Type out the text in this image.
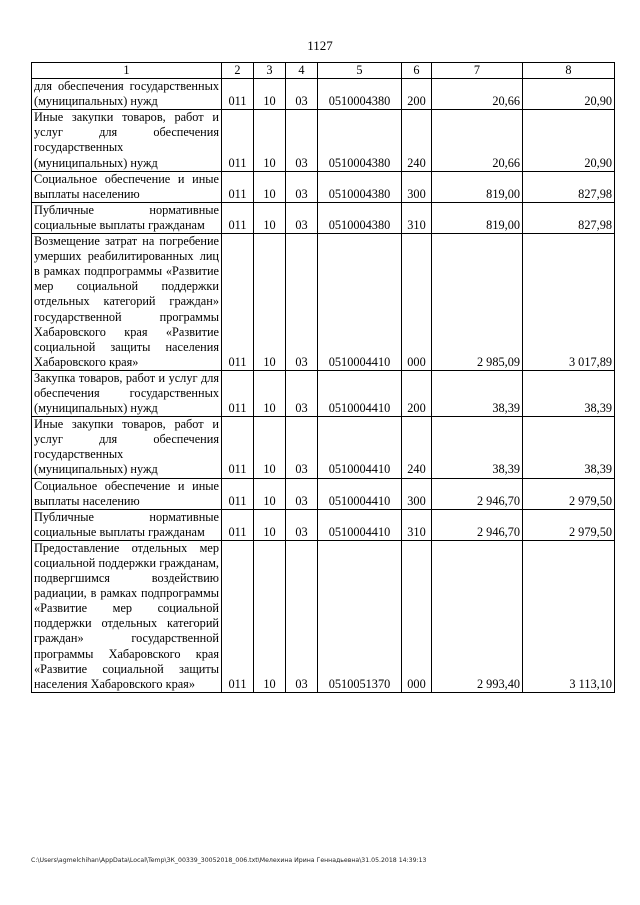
1127
1	2	3	4	5	6	7	8
для обеспечения государственных (муниципальных) нужд	011	10	03	0510004380	200	20,66	20,90
Иные закупки товаров, работ и услуг для обеспечения государственных (муниципальных) нужд	011	10	03	0510004380	240	20,66	20,90
Социальное обеспечение и иные выплаты населению	011	10	03	0510004380	300	819,00	827,98
Публичные нормативные социальные выплаты гражданам	011	10	03	0510004380	310	819,00	827,98
Возмещение затрат на погребение умерших реабилитированных лиц в рамках подпрограммы «Развитие мер социальной поддержки отдельных категорий граждан» государственной программы Хабаровского края «Развитие социальной защиты населения Хабаровского края»	011	10	03	0510004410	000	2 985,09	3 017,89
Закупка товаров, работ и услуг для обеспечения государственных (муниципальных) нужд	011	10	03	0510004410	200	38,39	38,39
Иные закупки товаров, работ и услуг для обеспечения государственных (муниципальных) нужд	011	10	03	0510004410	240	38,39	38,39
Социальное обеспечение и иные выплаты населению	011	10	03	0510004410	300	2 946,70	2 979,50
Публичные нормативные социальные выплаты гражданам	011	10	03	0510004410	310	2 946,70	2 979,50
Предоставление отдельных мер социальной поддержки гражданам, подвергшимся воздействию радиации, в рамках подпрограммы «Развитие мер социальной поддержки отдельных категорий граждан» государственной программы Хабаровского края «Развитие социальной защиты населения Хабаровского края»	011	10	03	0510051370	000	2 993,40	3 113,10
C:\Users\agmelchihan\AppData\Local\Temp\ЗК_00339_30052018_006.txt\Мелехина Ирина Геннадьевна\31.05.2018 14:39:13
